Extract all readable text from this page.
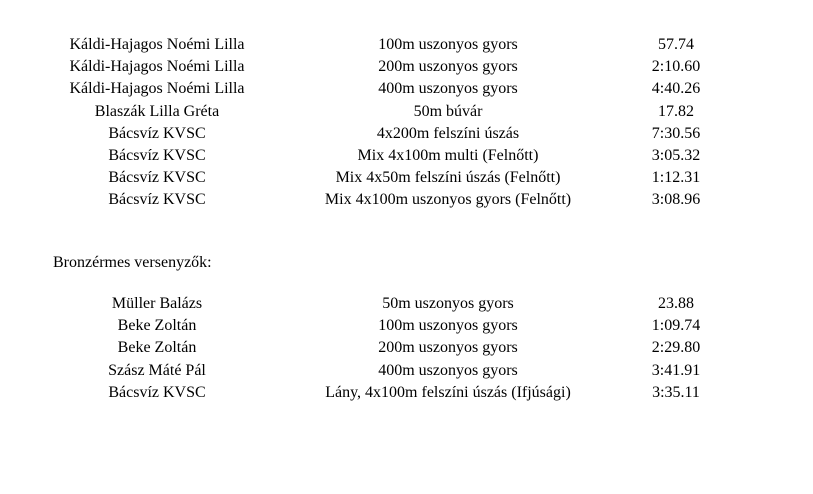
Káldi-Hajagos Noémi Lilla	100m uszonyos gyors	57.74
Káldi-Hajagos Noémi Lilla	200m uszonyos gyors	2:10.60
Káldi-Hajagos Noémi Lilla	400m uszonyos gyors	4:40.26
Blaszák Lilla Gréta	50m búvár	17.82
Bácsvíz KVSC	4x200m felszíni úszás	7:30.56
Bácsvíz KVSC	Mix 4x100m multi (Felnőtt)	3:05.32
Bácsvíz KVSC	Mix 4x50m felszíni úszás (Felnőtt)	1:12.31
Bácsvíz KVSC	Mix 4x100m uszonyos gyors (Felnőtt)	3:08.96
Bronzérmes versenyzők:
Müller Balázs	50m uszonyos gyors	23.88
Beke Zoltán	100m uszonyos gyors	1:09.74
Beke Zoltán	200m uszonyos gyors	2:29.80
Szász Máté Pál	400m uszonyos gyors	3:41.91
Bácsvíz KVSC	Lány, 4x100m felszíni úszás (Ifjúsági)	3:35.11
